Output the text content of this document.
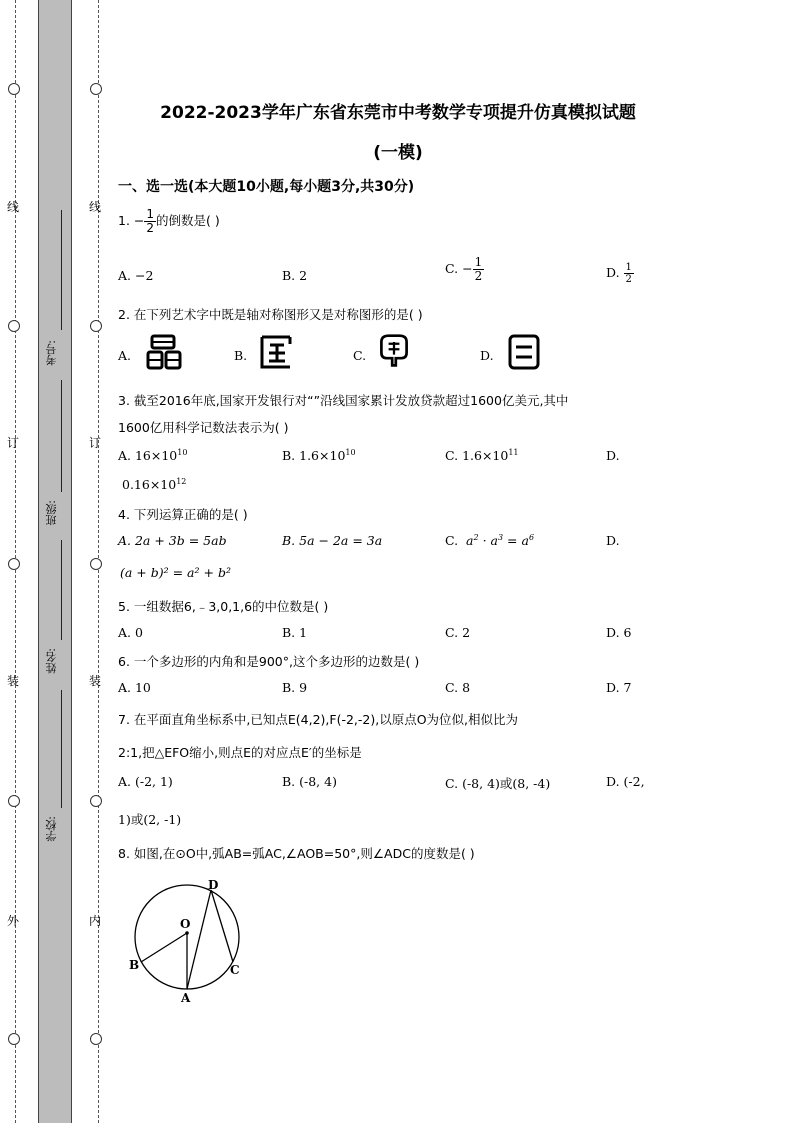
线
订
装
外
线
订
装
内
考号:
班级:
姓名:
学校:
2022-2023学年广东省东莞市中考数学专项提升仿真模拟试题
(一模)
一、选一选(本大题10小题,每小题3分,共30分)
1. − $\frac{1}{2}$ 的倒数是( )
A. −2	B. 2	C. − $\frac{1}{2}$	D. $\frac{1}{2}$
2. 在下列艺术字中既是轴对称图形又是对称图形的是( )
A.	B.	C.	D.
3. 截至2016年底,国家开发银行对“”沿线国家累计发放贷款超过1600亿美元,其中
1600亿用科学记数法表示为( )
A. $16\times 10^{10}$	B. $1.6\times 10^{10}$	C. $1.6\times 10^{11}$	D.
$0.16\times 10^{12}$
4. 下列运算正确的是( )
A. 2a + 3b = 5ab	B. 5a − 2a = 3a	C.  $a^2 \cdot a^3 = a^6$	D.
(a + b)² = a² + b²
5. 一组数据6,﹣3,0,1,6的中位数是( )
A. 0	B. 1	C. 2	D. 6
6. 一个多边形的内角和是900°,这个多边形的边数是( )
A. 10	B. 9	C. 8	D. 7
7. 在平面直角坐标系中,已知点E(4,2),F(-2,-2),以原点O为位似,相似比为
2:1,把△EFO缩小,则点E的对应点E′的坐标是
A. (-2, 1)	B. (-8, 4)	C. (-8, 4)或(8, -4)	D. (-2,
1)或(2, -1)
8. 如图,在⊙O中,弧AB=弧AC,∠AOB=50°,则∠ADC的度数是( )
O
A
B	C
D
